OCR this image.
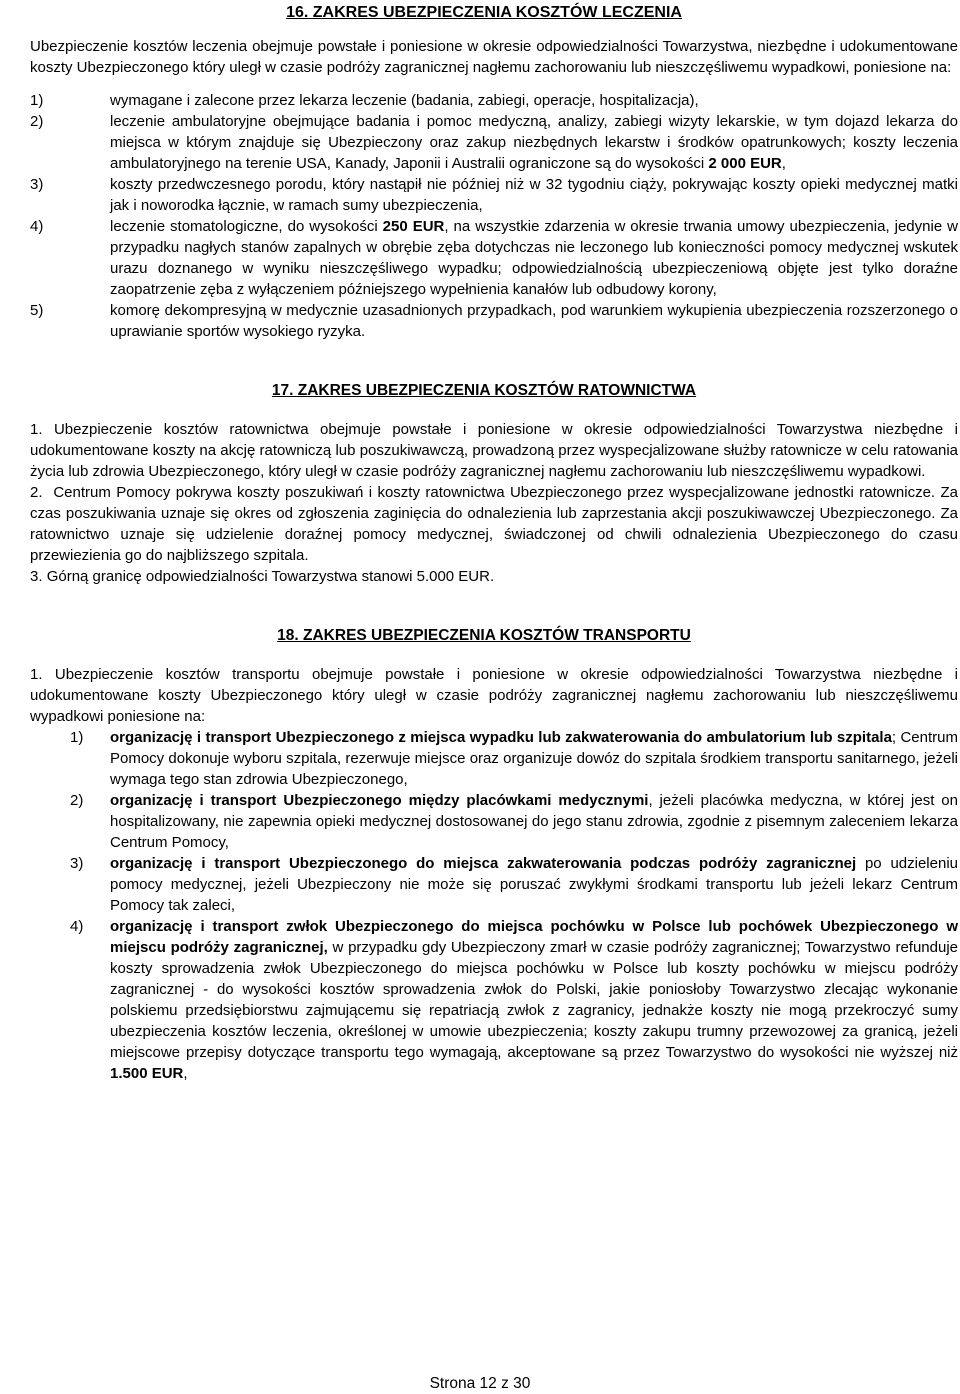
16. ZAKRES UBEZPIECZENIA KOSZTÓW LECZENIA

Ubezpieczenie kosztów leczenia obejmuje powstałe i poniesione w okresie odpowiedzialności Towarzystwa, niezbędne i udokumentowane koszty Ubezpieczonego który uległ w czasie podróży zagranicznej nagłemu zachorowaniu lub nieszczęśliwemu wypadkowi, poniesione na:

1)	wymagane i zalecone przez lekarza leczenie (badania, zabiegi, operacje, hospitalizacja),
2)	leczenie ambulatoryjne obejmujące badania i pomoc medyczną, analizy, zabiegi wizyty lekarskie, w tym dojazd lekarza do miejsca w którym znajduje się Ubezpieczony oraz zakup niezbędnych lekarstw i środków opatrunkowych; koszty leczenia ambulatoryjnego na terenie USA, Kanady, Japonii i Australii ograniczone są do wysokości 2 000 EUR,
3)	koszty przedwczesnego porodu, który nastąpił nie później niż w 32 tygodniu ciąży, pokrywając koszty opieki medycznej matki jak i noworodka łącznie, w ramach sumy ubezpieczenia,
4)	leczenie stomatologiczne, do wysokości 250 EUR, na wszystkie zdarzenia w okresie trwania umowy ubezpieczenia, jedynie w przypadku nagłych stanów zapalnych w obrębie zęba dotychczas nie leczonego lub konieczności pomocy medycznej wskutek urazu doznanego w wyniku nieszczęśliwego wypadku; odpowiedzialnością ubezpieczeniową objęte jest tylko doraźne zaopatrzenie zęba z wyłączeniem późniejszego wypełnienia kanałów lub odbudowy korony,
5)	komorę dekompresyjną w medycznie uzasadnionych przypadkach, pod warunkiem wykupienia ubezpieczenia rozszerzonego o uprawianie sportów wysokiego ryzyka.
17. ZAKRES UBEZPIECZENIA KOSZTÓW RATOWNICTWA

1. Ubezpieczenie kosztów ratownictwa obejmuje powstałe i poniesione w okresie odpowiedzialności Towarzystwa niezbędne i udokumentowane koszty na akcję ratowniczą lub poszukiwawczą, prowadzoną przez wyspecjalizowane służby ratownicze w celu ratowania życia lub zdrowia Ubezpieczonego, który uległ w czasie podróży zagranicznej nagłemu zachorowaniu lub nieszczęśliwemu wypadkowi.

2. Centrum Pomocy pokrywa koszty poszukiwań i koszty ratownictwa Ubezpieczonego przez wyspecjalizowane jednostki ratownicze. Za czas poszukiwania uznaje się okres od zgłoszenia zaginięcia do odnalezienia lub zaprzestania akcji poszukiwawczej Ubezpieczonego. Za ratownictwo uznaje się udzielenie doraźnej pomocy medycznej, świadczonej od chwili odnalezienia Ubezpieczonego do czasu przewiezienia go do najbliższego szpitala.

3. Górną granicę odpowiedzialności Towarzystwa stanowi 5.000 EUR.

18. ZAKRES UBEZPIECZENIA KOSZTÓW TRANSPORTU

1. Ubezpieczenie kosztów transportu obejmuje powstałe i poniesione w okresie odpowiedzialności Towarzystwa niezbędne i udokumentowane koszty Ubezpieczonego który uległ w czasie podróży zagranicznej nagłemu zachorowaniu lub nieszczęśliwemu wypadkowi poniesione na:

1) organizację i transport Ubezpieczonego z miejsca wypadku lub zakwaterowania do ambulatorium lub szpitala; Centrum Pomocy dokonuje wyboru szpitala, rezerwuje miejsce oraz organizuje dowóz do szpitala środkiem transportu sanitarnego, jeżeli wymaga tego stan zdrowia Ubezpieczonego,
2) organizację i transport Ubezpieczonego między placówkami medycznymi, jeżeli placówka medyczna, w której jest on hospitalizowany, nie zapewnia opieki medycznej dostosowanej do jego stanu zdrowia, zgodnie z pisemnym zaleceniem lekarza Centrum Pomocy,
3) organizację i transport Ubezpieczonego do miejsca zakwaterowania podczas podróży zagranicznej po udzieleniu pomocy medycznej, jeżeli Ubezpieczony nie może się poruszać zwykłymi środkami transportu lub jeżeli lekarz Centrum Pomocy tak zaleci,
4) organizację i transport zwłok Ubezpieczonego do miejsca pochówku w Polsce lub pochówek Ubezpieczonego w miejscu podróży zagranicznej, w przypadku gdy Ubezpieczony zmarł w czasie podróży zagranicznej; Towarzystwo refunduje koszty sprowadzenia zwłok Ubezpieczonego do miejsca pochówku w Polsce lub koszty pochówku w miejscu podróży zagranicznej - do wysokości kosztów sprowadzenia zwłok do Polski, jakie poniosłoby Towarzystwo zlecając wykonanie polskiemu przedsiębiorstwu zajmującemu się repatriacją zwłok z zagranicy, jednakże koszty nie mogą przekroczyć sumy ubezpieczenia kosztów leczenia, określonej w umowie ubezpieczenia; koszty zakupu trumny przewozowej za granicą, jeżeli miejscowe przepisy dotyczące transportu tego wymagają, akceptowane są przez Towarzystwo do wysokości nie wyższej niż 1.500 EUR,
Strona 12 z 30
